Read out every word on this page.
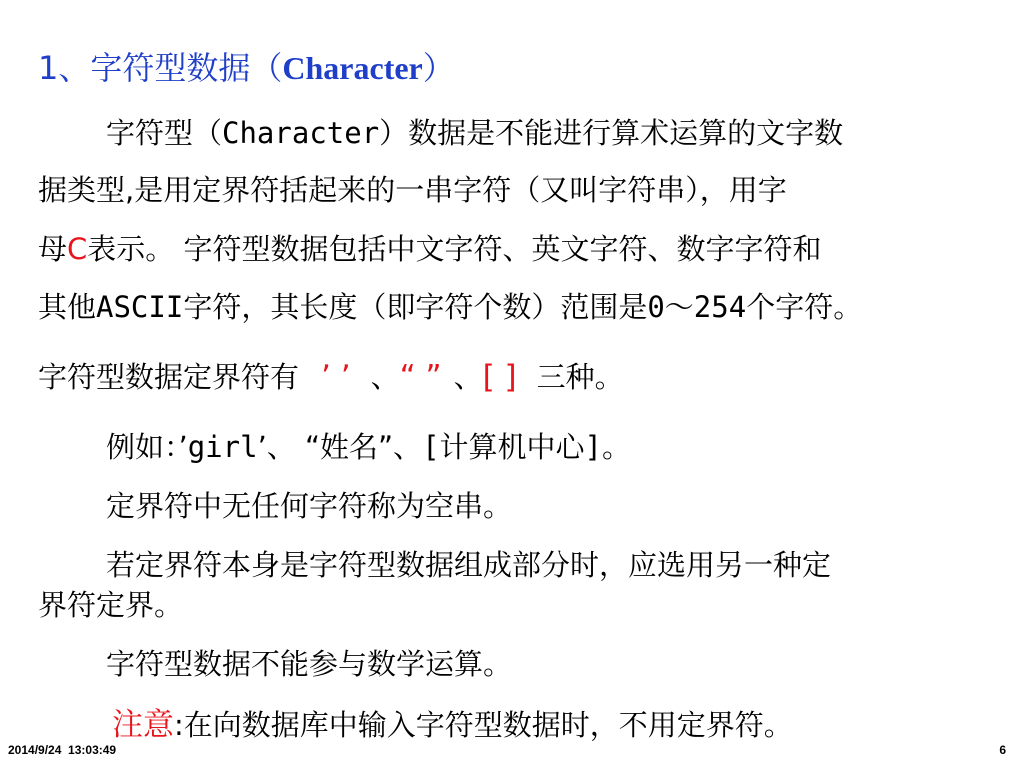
1、字符型数据（Character）
字符型（Character）数据是不能进行算术运算的文字数
据类型,是用定界符括起来的一串字符（又叫字符串），用字
母C表示。 字符型数据包括中文字符、英文字符、数字字符和
其他ASCII字符，其长度（即字符个数）范围是0～254个字符。
字符型数据定界符有 ’ ’ 、“ ” 、[ ] 三种。
例如：’girl’、 “姓名”、[计算机中心]。
定界符中无任何字符称为空串。
若定界符本身是字符型数据组成部分时，应选用另一种定
界符定界。
字符型数据不能参与数学运算。
注意:在向数据库中输入字符型数据时，不用定界符。
2014/9/24  13:03:49	6
